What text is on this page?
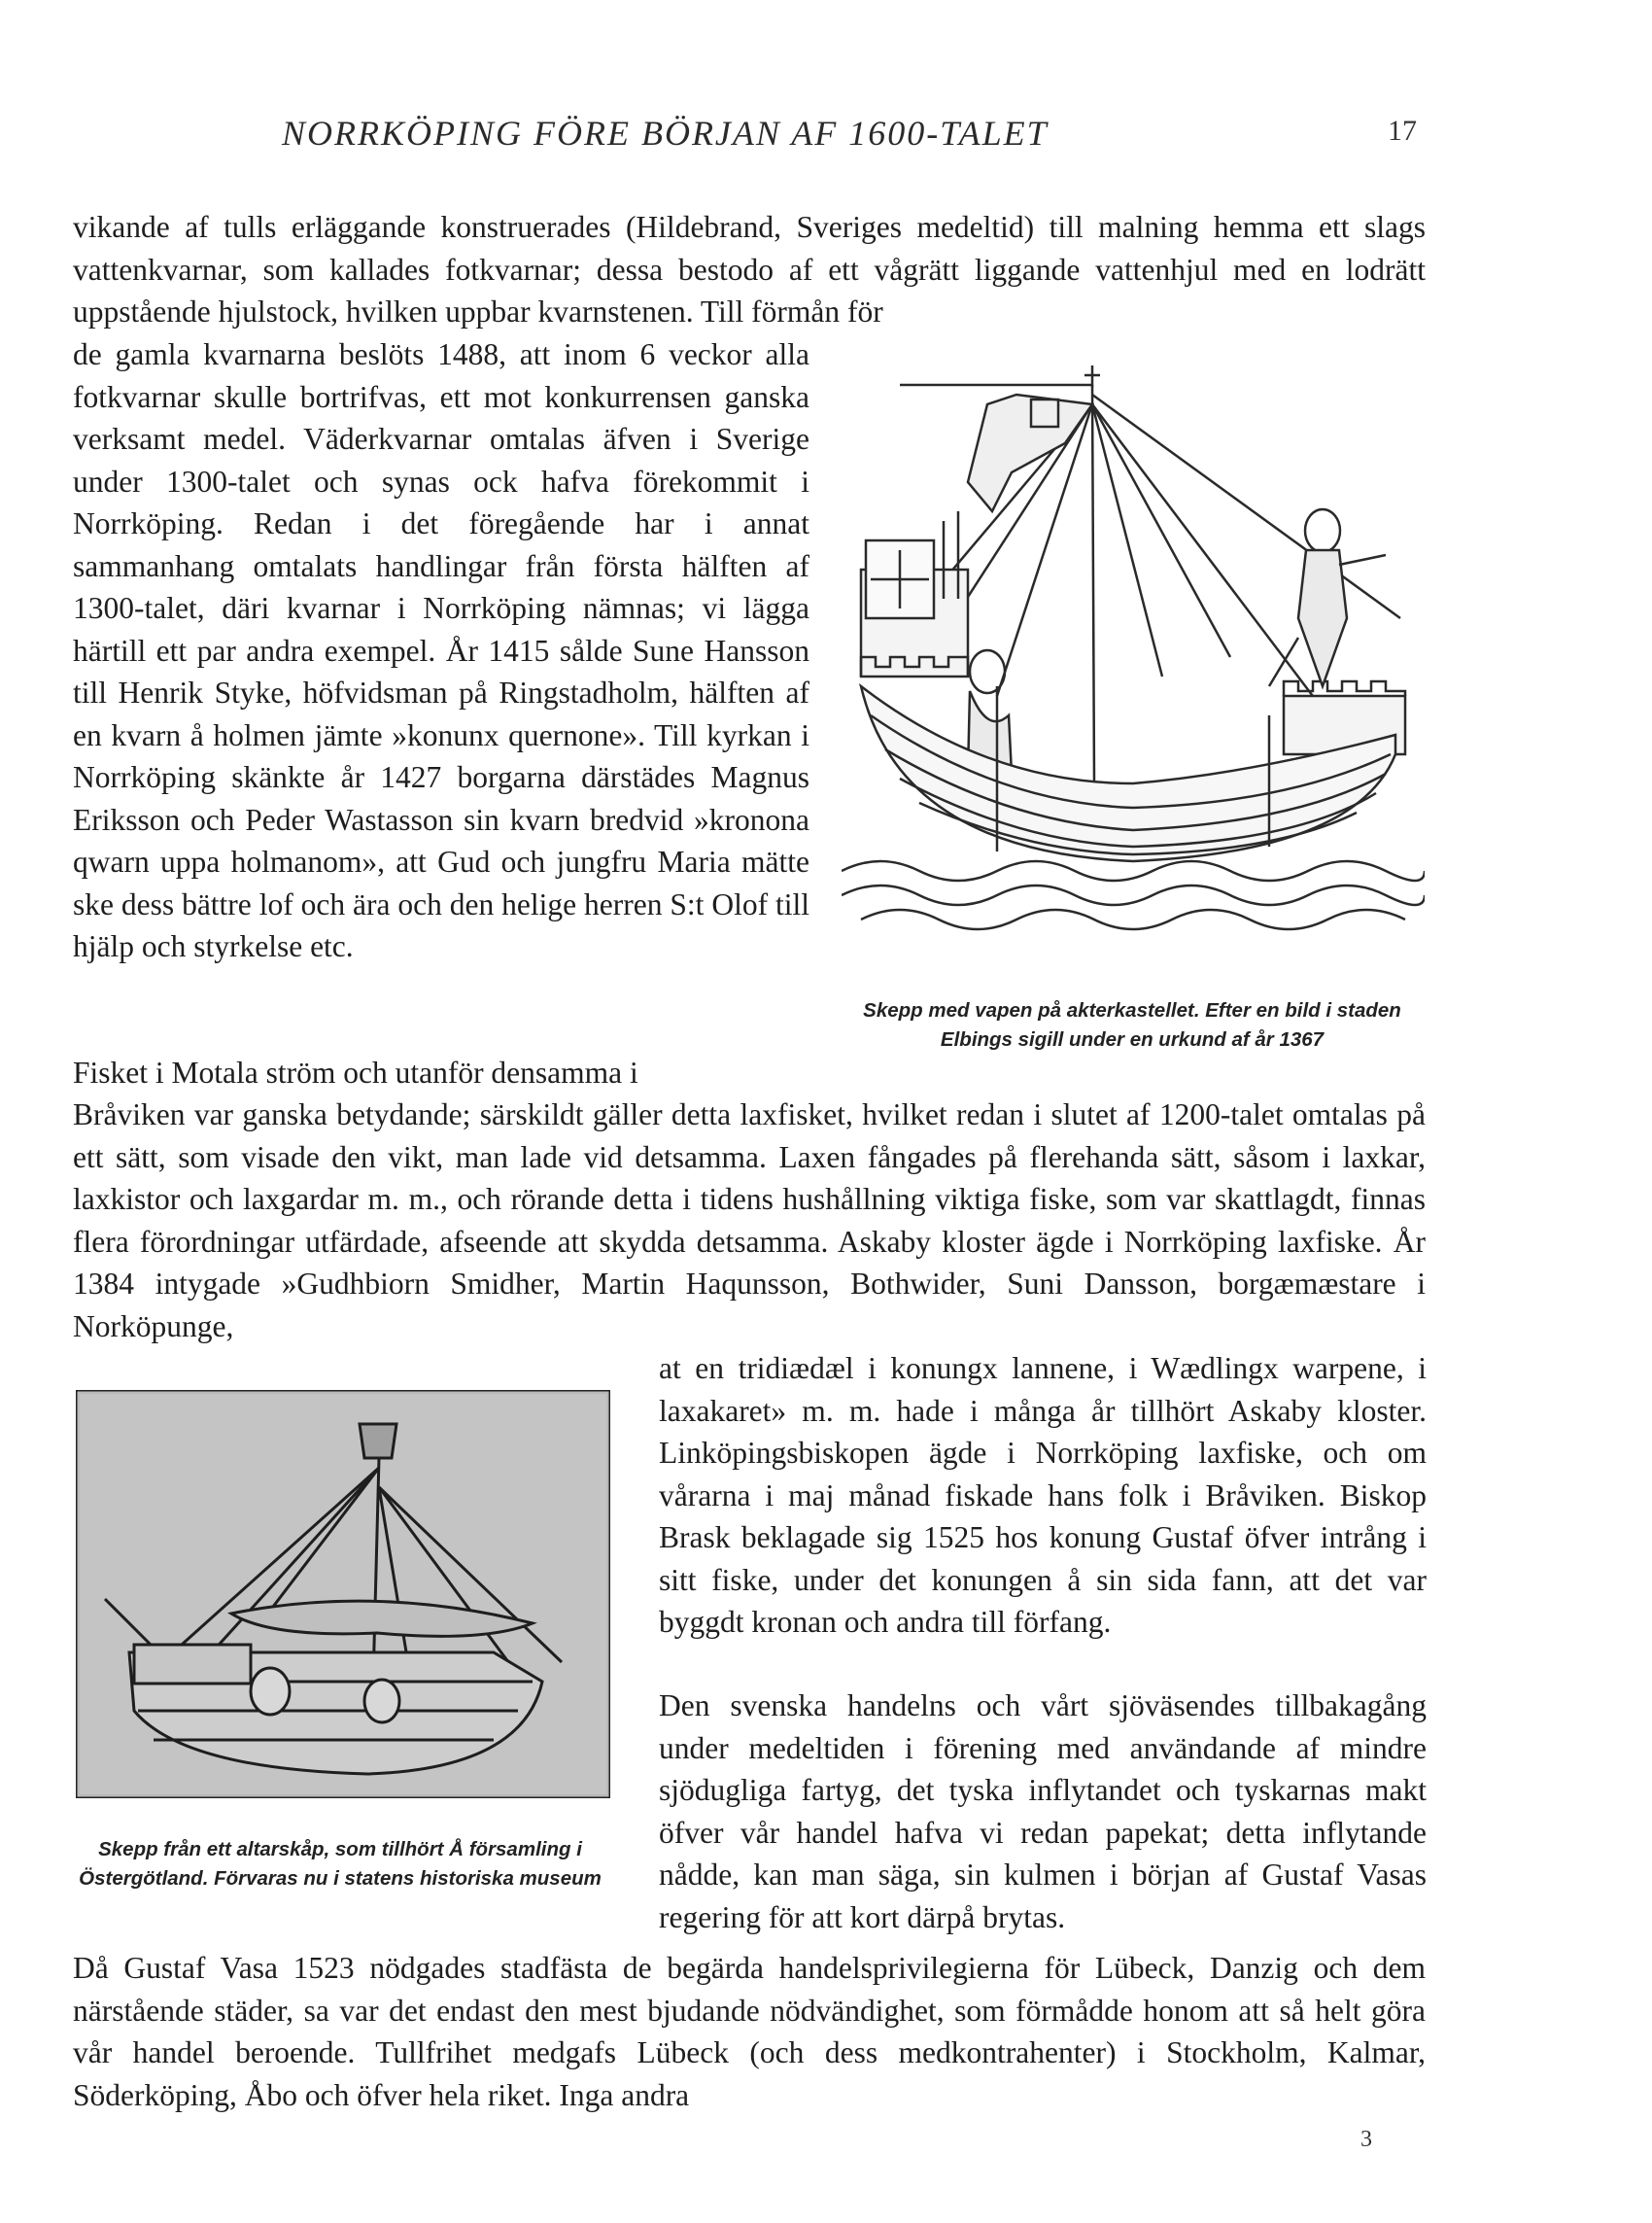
NORRKÖPING FÖRE BÖRJAN AF 1600-TALET	17

vikande af tulls erläggande konstruerades (Hildebrand, Sveriges medeltid) till malning hemma ett slags vattenkvarnar, som kallades fotkvarnar; dessa bestodo af ett vågrätt liggande vattenhjul med en lodrätt uppstående hjulstock, hvilken uppbar kvarnstenen. Till förmån för

de gamla kvarnarna beslöts 1488, att inom 6 veckor alla fotkvarnar skulle bortrifvas, ett mot konkurrensen ganska verksamt medel. Väderkvarnar omtalas äfven i Sverige under 1300-talet och synas ock hafva förekommit i Norrköping. Redan i det föregående har i annat sammanhang omtalats handlingar från första hälften af 1300-talet, däri kvarnar i Norrköping nämnas; vi lägga härtill ett par andra exempel. År 1415 sålde Sune Hansson till Henrik Styke, höfvidsman på Ringstadholm, hälften af en kvarn å holmen jämte »konunx quernone». Till kyrkan i Norrköping skänkte år 1427 borgarna därstädes Magnus Eriksson och Peder Wastasson sin kvarn bredvid »kronona qwarn uppa holmanom», att Gud och jungfru Maria mätte ske dess bättre lof och ära och den helige herren S:t Olof till hjälp och styrkelse etc.

Skepp med vapen på akterkastellet. Efter en bild i staden Elbings sigill under en urkund af år 1367

Fisket i Motala ström och utanför densamma i

Bråviken var ganska betydande; särskildt gäller detta laxfisket, hvilket redan i slutet af 1200-talet omtalas på ett sätt, som visade den vikt, man lade vid detsamma. Laxen fångades på flerehanda sätt, såsom i laxkar, laxkistor och laxgardar m. m., och rörande detta i tidens hushållning viktiga fiske, som var skattlagdt, finnas flera förordningar utfärdade, afseende att skydda detsamma. Askaby kloster ägde i Norrköping laxfiske. År 1384 intygade »Gudhbiorn Smidher, Martin Haqunsson, Bothwider, Suni Dansson, borgæmæstare i Norköpunge,

at en tridiædæl i konungx lannene, i Wædlingx warpene, i laxakaret» m. m. hade i många år tillhört Askaby kloster. Linköpingsbiskopen ägde i Norrköping laxfiske, och om vårarna i maj månad fiskade hans folk i Bråviken. Biskop Brask beklagade sig 1525 hos konung Gustaf öfver intrång i sitt fiske, under det konungen å sin sida fann, att det var byggdt kronan och andra till förfang.

Skepp från ett altarskåp, som tillhört Å församling i Östergötland. Förvaras nu i statens historiska museum

Den svenska handelns och vårt sjöväsendes tillbakagång under medeltiden i förening med användande af mindre sjödugliga fartyg, det tyska inflytandet och tyskarnas makt öfver vår handel hafva vi redan papekat; detta inflytande nådde, kan man säga, sin kulmen i början af Gustaf Vasas regering för att kort därpå brytas.

Då Gustaf Vasa 1523 nödgades stadfästa de begärda handelsprivilegierna för Lübeck, Danzig och dem närstående städer, sa var det endast den mest bjudande nödvändighet, som förmådde honom att så helt göra vår handel beroende. Tullfrihet medgafs Lübeck (och dess medkontrahenter) i Stockholm, Kalmar, Söderköping, Åbo och öfver hela riket. Inga andra

3
